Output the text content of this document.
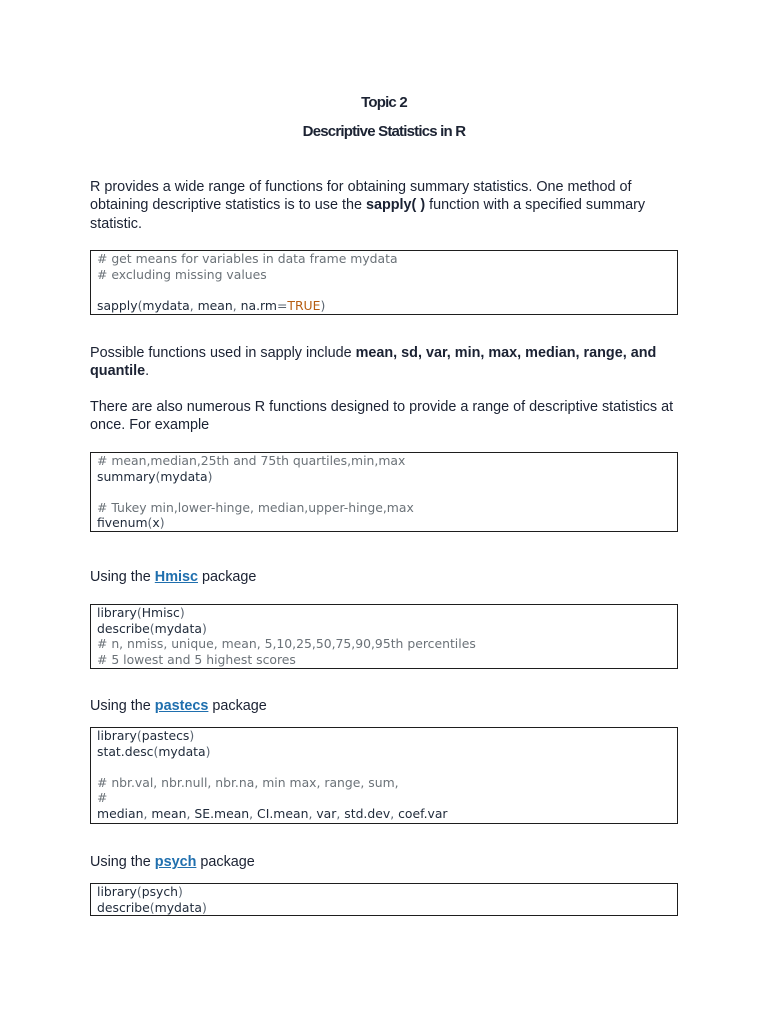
Topic 2
Descriptive Statistics in R
R provides a wide range of functions for obtaining summary statistics. One method of obtaining descriptive statistics is to use the sapply( ) function with a specified summary statistic.
# get means for variables in data frame mydata
# excluding missing values
sapply(mydata, mean, na.rm=TRUE)
Possible functions used in sapply include mean, sd, var, min, max, median, range, and quantile.
There are also numerous R functions designed to provide a range of descriptive statistics at once. For example
# mean,median,25th and 75th quartiles,min,max
summary(mydata)
# Tukey min,lower-hinge, median,upper-hinge,max
fivenum(x)
Using the Hmisc package
library(Hmisc)
describe(mydata)
# n, nmiss, unique, mean, 5,10,25,50,75,90,95th percentiles
# 5 lowest and 5 highest scores
Using the pastecs package
library(pastecs)
stat.desc(mydata)
# nbr.val, nbr.null, nbr.na, min max, range, sum,
#
median, mean, SE.mean, CI.mean, var, std.dev, coef.var
Using the psych package
library(psych)
describe(mydata)
